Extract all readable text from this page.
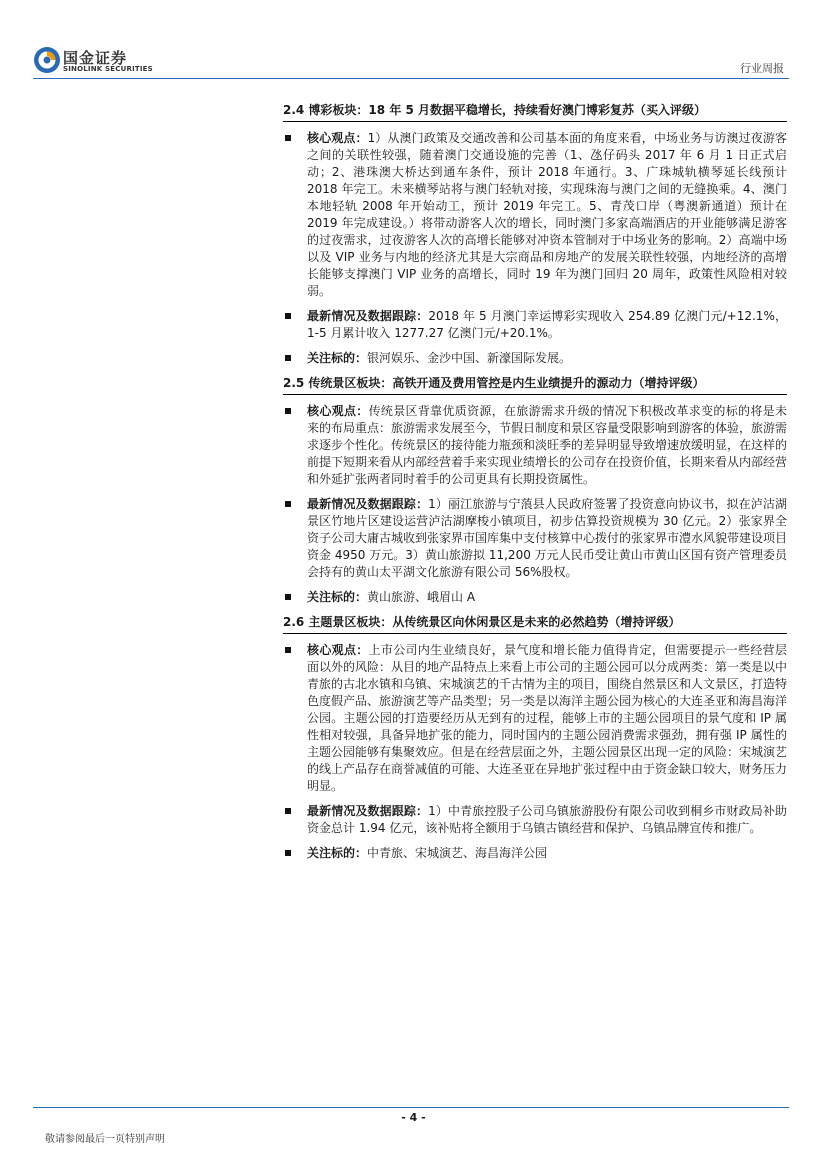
国金证券
SINOLINK SECURITIES	行业周报
2.4 博彩板块：18 年 5 月数据平稳增长，持续看好澳门博彩复苏（买入评级）
核心观点：1）从澳门政策及交通改善和公司基本面的角度来看，中场业务与访澳过夜游客之间的关联性较强，随着澳门交通设施的完善（1、氹仔码头 2017 年 6 月 1 日正式启动；2、港珠澳大桥达到通车条件，预计 2018 年通行。3、广珠城轨横琴延长线预计 2018 年完工。未来横琴站将与澳门轻轨对接，实现珠海与澳门之间的无缝换乘。4、澳门本地轻轨 2008 年开始动工，预计 2019 年完工。5、青茂口岸（粤澳新通道）预计在 2019 年完成建设。）将带动游客人次的增长，同时澳门多家高端酒店的开业能够满足游客的过夜需求，过夜游客人次的高增长能够对冲资本管制对于中场业务的影响。2）高端中场以及 VIP 业务与内地的经济尤其是大宗商品和房地产的发展关联性较强，内地经济的高增长能够支撑澳门 VIP 业务的高增长，同时 19 年为澳门回归 20 周年，政策性风险相对较弱。
最新情况及数据跟踪：2018 年 5 月澳门幸运博彩实现收入 254.89 亿澳门元/+12.1%，1-5 月累计收入 1277.27 亿澳门元/+20.1%。
关注标的：银河娱乐、金沙中国、新濠国际发展。
2.5 传统景区板块：高铁开通及费用管控是内生业绩提升的源动力（增持评级）
核心观点：传统景区背靠优质资源，在旅游需求升级的情况下积极改革求变的标的将是未来的布局重点：旅游需求发展至今，节假日制度和景区容量受限影响到游客的体验，旅游需求逐步个性化。传统景区的接待能力瓶颈和淡旺季的差异明显导致增速放缓明显，在这样的前提下短期来看从内部经营着手来实现业绩增长的公司存在投资价值，长期来看从内部经营和外延扩张两者同时着手的公司更具有长期投资属性。
最新情况及数据跟踪：1）丽江旅游与宁蒗县人民政府签署了投资意向协议书，拟在泸沽湖景区竹地片区建设运营泸沽湖摩梭小镇项目，初步估算投资规模为 30 亿元。2）张家界全资子公司大庸古城收到张家界市国库集中支付核算中心拨付的张家界市澧水风貌带建设项目资金 4950 万元。3）黄山旅游拟 11,200 万元人民币受让黄山市黄山区国有资产管理委员会持有的黄山太平湖文化旅游有限公司 56%股权。
关注标的：黄山旅游、峨眉山 A
2.6 主题景区板块：从传统景区向休闲景区是未来的必然趋势（增持评级）
核心观点：上市公司内生业绩良好，景气度和增长能力值得肯定，但需要提示一些经营层面以外的风险：从目的地产品特点上来看上市公司的主题公园可以分成两类：第一类是以中青旅的古北水镇和乌镇、宋城演艺的千古情为主的项目，围绕自然景区和人文景区，打造特色度假产品、旅游演艺等产品类型；另一类是以海洋主题公园为核心的大连圣亚和海昌海洋公园。主题公园的打造要经历从无到有的过程，能够上市的主题公园项目的景气度和 IP 属性相对较强，具备异地扩张的能力，同时国内的主题公园消费需求强劲，拥有强 IP 属性的主题公园能够有集聚效应。但是在经营层面之外，主题公园景区出现一定的风险：宋城演艺的线上产品存在商誉减值的可能、大连圣亚在异地扩张过程中由于资金缺口较大，财务压力明显。
最新情况及数据跟踪：1）中青旅控股子公司乌镇旅游股份有限公司收到桐乡市财政局补助资金总计 1.94 亿元，该补贴将全额用于乌镇古镇经营和保护、乌镇品牌宣传和推广。
关注标的：中青旅、宋城演艺、海昌海洋公园
- 4 -
敬请参阅最后一页特别声明
